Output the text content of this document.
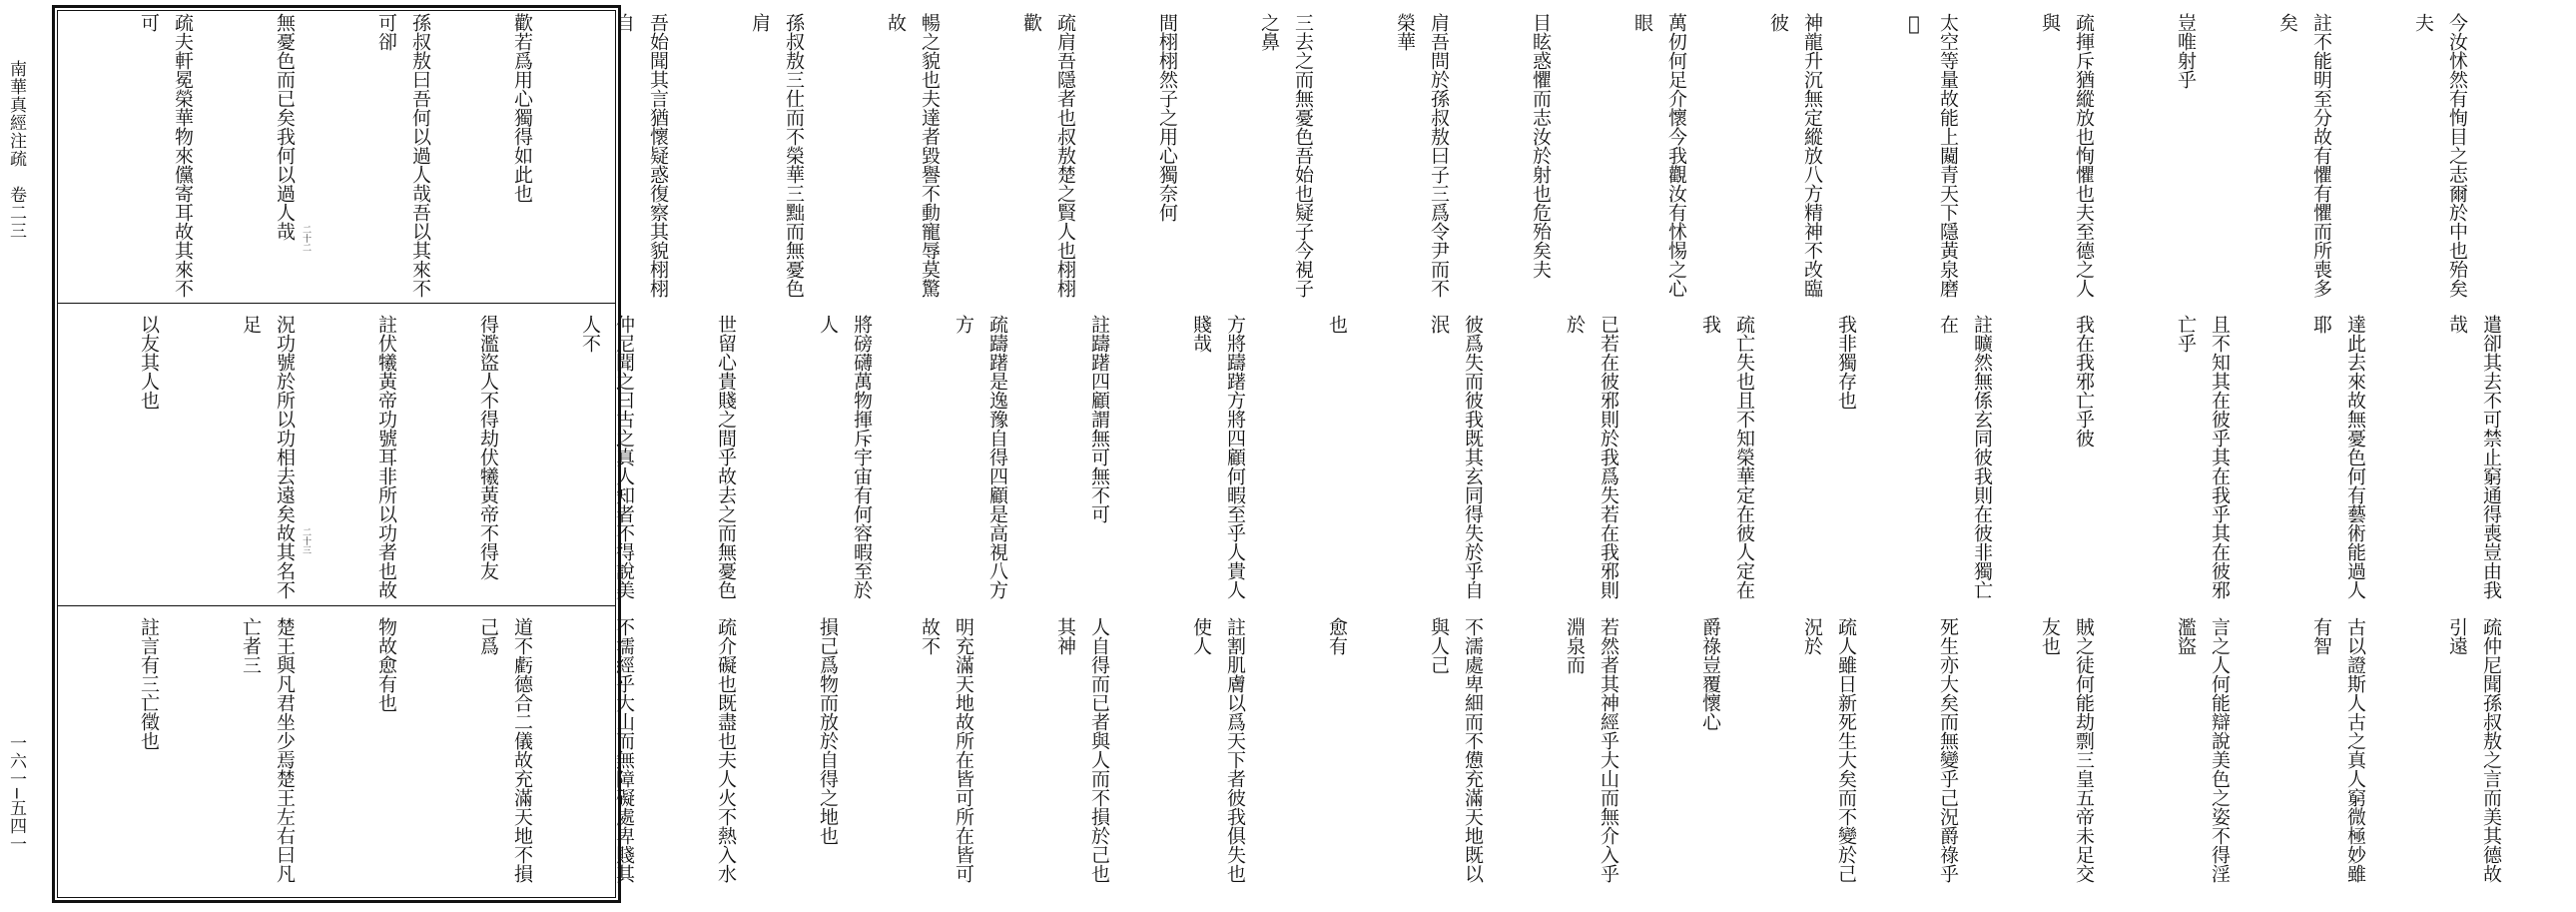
南華真經注疏　卷二三
一六一─五四一

今汝怵然有恂目之志爾於中也殆矣夫

註不能明至分故有懼有懼而所喪多矣

豈唯射乎

疏揮斥猶縱放也恂懼也夫至德之人與

太空等量故能上闚青天下隱黃泉磨𪧶

神龍升沉無定縱放八方精神不改臨彼

萬仞何足介懷今我觀汝有怵惕之心眼

目眩惑懼而志汝於射也危殆矣夫

肩吾問於孫叔敖曰子三爲令尹而不榮華

三去之而無憂色吾始也疑子今視子之鼻

間栩栩然子之用心獨奈何

疏肩吾隱者也叔敖楚之賢人也栩栩歡

暢之貌也夫達者毀譽不動寵辱莫驚故

孫叔敖三仕而不榮華三黜而無憂色肩

吾始聞其言猶懷疑惑復察其貌栩栩自

歡若爲用心獨得如此也

孫叔敖曰吾何以過人哉吾以其來不可卻

無憂色而已矣我何以過人哉

疏夫軒冕榮華物來儻寄耳故其來不可

二十二

遣卻其去不可禁止窮通得喪豈由我哉

達此去來故無憂色何有藝術能過人耶

且不知其在彼乎其在我乎其在彼邪亡乎

我在我邪亡乎彼

註曠然無係玄同彼我則在彼非獨亡在

我非獨存也

疏亡失也且不知榮華定在彼人定在我

已若在彼邪則於我爲失若在我邪則於

彼爲失而彼我既其玄同得失於乎自泯

也

方將躊躇方將四顧何暇至乎人貴人賤哉

註躊躇四顧謂無可無不可

疏躊躇是逸豫自得四顧是高視八方方

將磅礴萬物揮斥宇宙有何容暇至於人

世留心貴賤之間乎故去之而無憂色

仲尼聞之曰古之真人知者不得說美人不

得濫盜人不得劫伏犧黃帝不得友

註伏犧黃帝功號耳非所以功者也故

況功號於所以功相去遠矣故其名不足

以友其人也

二十三

疏仲尼聞孫叔敖之言而美其德故引遠

古以證斯人古之真人窮微極妙雖有智

言之人何能辯說美色之姿不得淫濫盜

賊之徒何能劫剽三皇五帝未足交友也

死生亦大矣而無變乎己況爵祿乎

疏人雖日新死生大矣而不變於己況於

爵祿豈覆懷心

若然者其神經乎大山而無介入乎淵泉而

不濡處卑細而不憊充滿天地既以與人己

愈有

註割肌膚以爲天下者彼我俱失也使人

人自得而已者與人而不損於己也其神

明充滿天地故所在皆可所在皆可故不

損己爲物而放於自得之地也

疏介礙也既盡也夫人火不熱入水

不濡經乎大山而無障礙處卑賤其

道不虧德合二儀故充滿天地不損己爲

物故愈有也

楚王與凡君坐少焉楚王左右曰凡亡者三

註言有三亡徵也
